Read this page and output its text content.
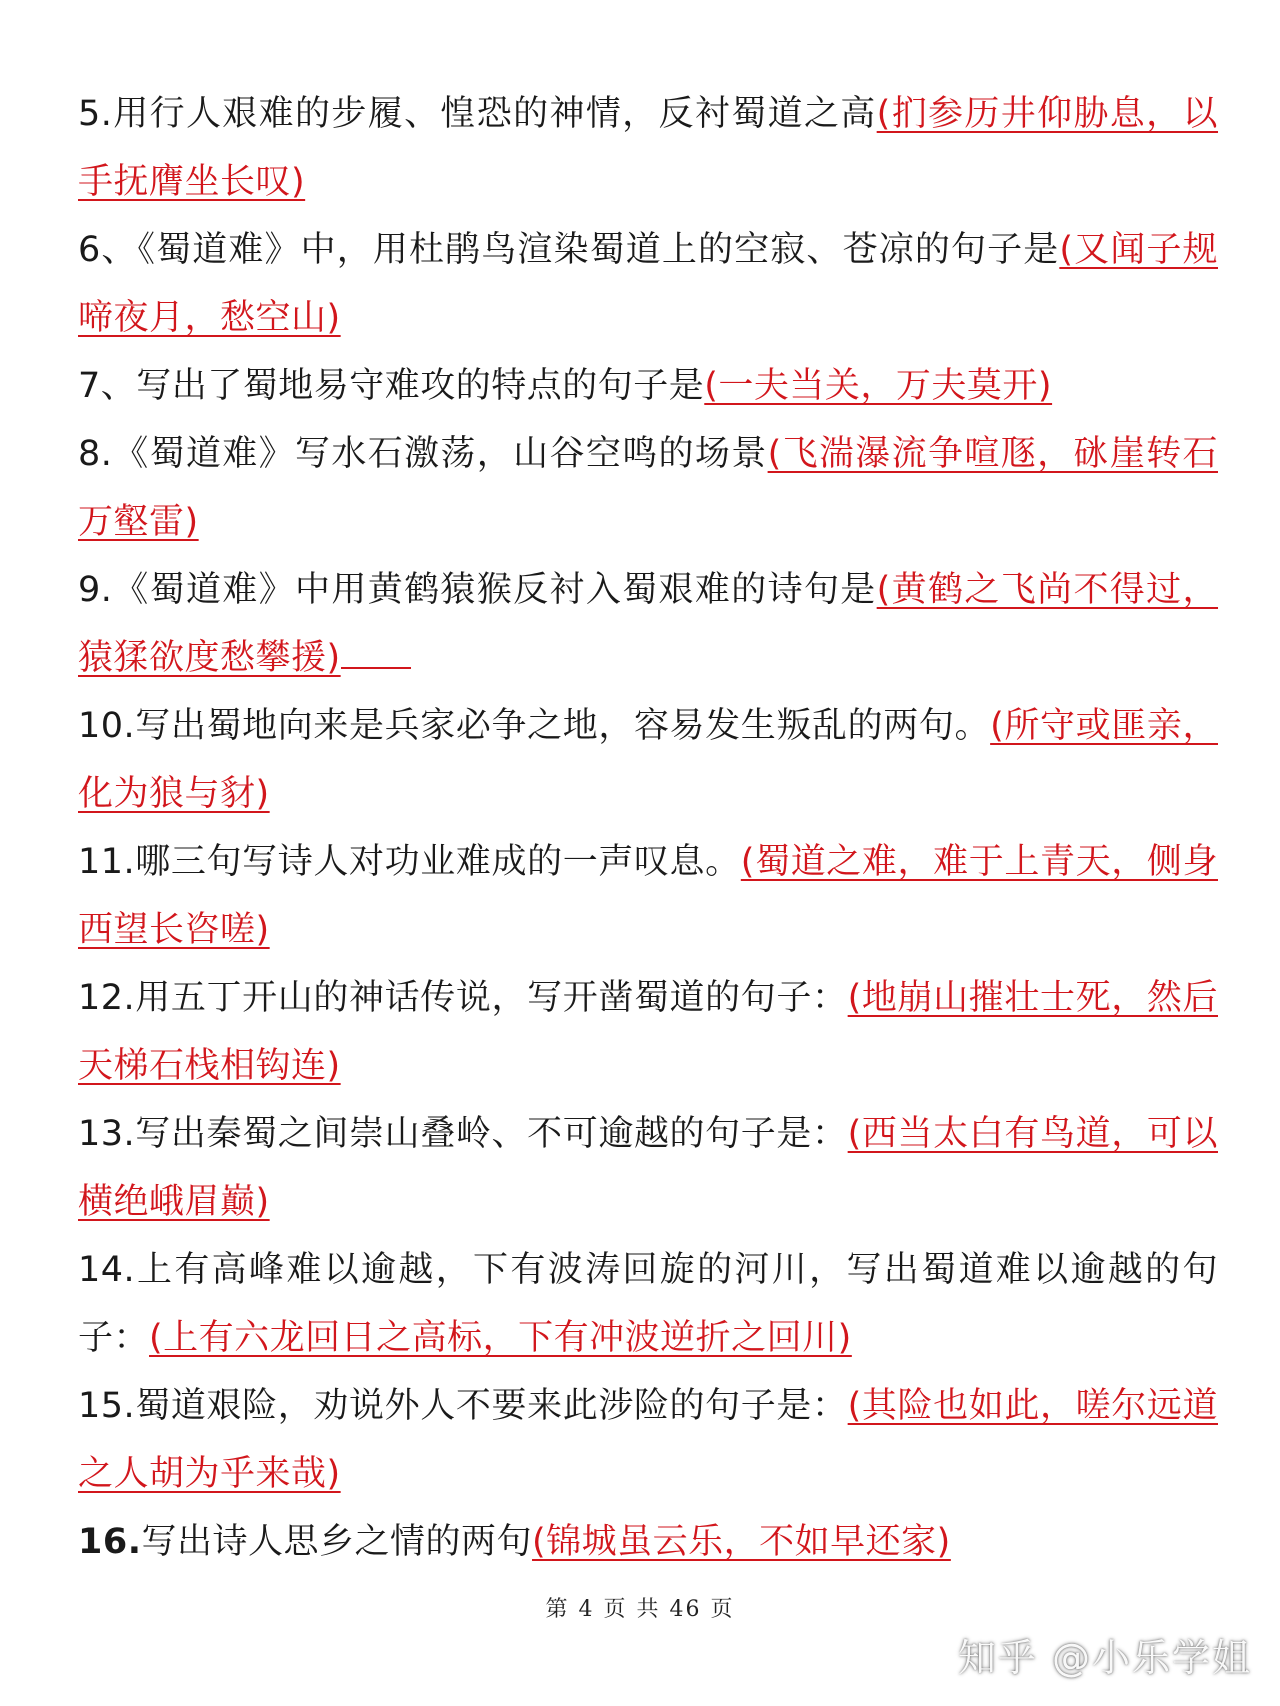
5.用行人艰难的步履、惶恐的神情，反衬蜀道之高(扪参历井仰胁息，以手抚膺坐长叹)

6、《蜀道难》中，用杜鹃鸟渲染蜀道上的空寂、苍凉的句子是(又闻子规啼夜月，愁空山)

7、写出了蜀地易守难攻的特点的句子是(一夫当关，万夫莫开)

8.《蜀道难》写水石激荡，山谷空鸣的场景(飞湍瀑流争喧豗，砯崖转石万壑雷)

9.《蜀道难》中用黄鹤猿猴反衬入蜀艰难的诗句是(黄鹤之飞尚不得过，猿猱欲度愁攀援)

10.写出蜀地向来是兵家必争之地，容易发生叛乱的两句。(所守或匪亲，化为狼与豺)

11.哪三句写诗人对功业难成的一声叹息。(蜀道之难，难于上青天，侧身西望长咨嗟)

12.用五丁开山的神话传说，写开凿蜀道的句子：(地崩山摧壮士死，然后天梯石栈相钩连)

13.写出秦蜀之间崇山叠岭、不可逾越的句子是：(西当太白有鸟道，可以横绝峨眉巅)

14.上有高峰难以逾越，下有波涛回旋的河川，写出蜀道难以逾越的句子：(上有六龙回日之高标，下有冲波逆折之回川)

15.蜀道艰险，劝说外人不要来此涉险的句子是：(其险也如此，嗟尔远道之人胡为乎来哉)

16.写出诗人思乡之情的两句(锦城虽云乐，不如早还家)

第 4 页 共 46 页
知乎 @小乐学姐
